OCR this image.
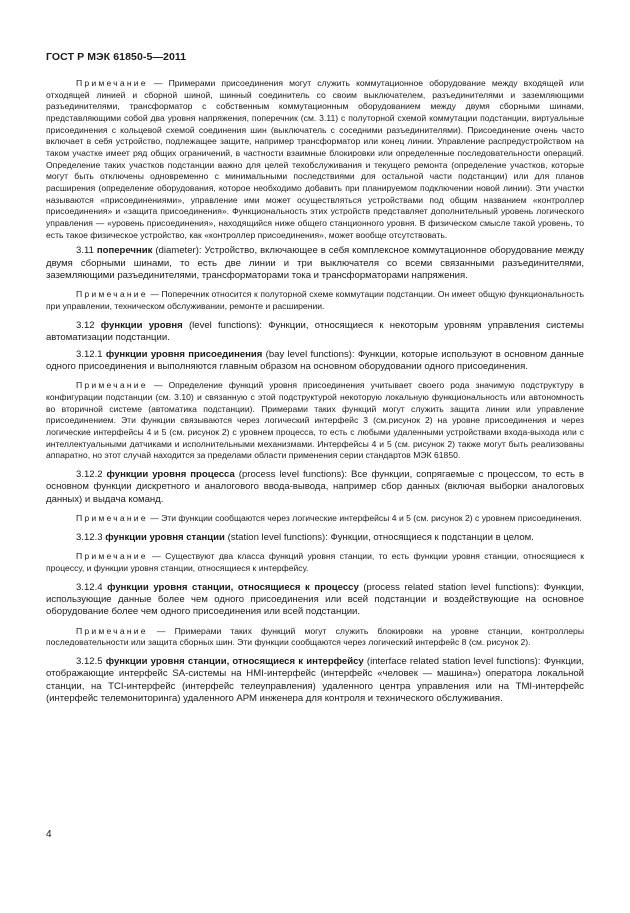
ГОСТ Р МЭК 61850-5—2011

Примечание — Примерами присоединения могут служить коммутационное оборудование между входящей или отходящей линией и сборной шиной, шинный соединитель со своим выключателем, разъединителями и заземляющими разъединителями, трансформатор с собственным коммутационным оборудованием между двумя сборными шинами, представляющими собой два уровня напряжения, поперечник (см. 3.11) с полуторной схемой коммутации подстанции, виртуальные присоединения с кольцевой схемой соединения шин (выключатель с соседними разъединителями). Присоединение очень часто включает в себя устройство, подлежащее защите, например трансформатор или конец линии. Управление распредустройством на таком участке имеет ряд общих ограничений, в частности взаимные блокировки или определенные последовательности операций. Определение таких участков подстанции важно для целей техобслуживания и текущего ремонта (определение участков, которые могут быть отключены одновременно с минимальными последствиями для остальной части подстанции) или для планов расширения (определение оборудования, которое необходимо добавить при планируемом подключении новой линии). Эти участки называются «присоединениями», управление ими может осуществляться устройствами под общим названием «контроллер присоединения» и «защита присоединения». Функциональность этих устройств представляет дополнительный уровень логического управления — «уровень присоединения», находящийся ниже общего станционного уровня. В физическом смысле такой уровень, то есть такое физическое устройство, как «контроллер присоединения», может вообще отсутствовать.

3.11 поперечник (diameter): Устройство, включающее в себя комплексное коммутационное оборудование между двумя сборными шинами, то есть две линии и три выключателя со всеми связанными разъединителями, заземляющими разъединителями, трансформаторами тока и трансформаторами напряжения.

Примечание — Поперечник относится к полуторной схеме коммутации подстанции. Он имеет общую функциональность при управлении, техническом обслуживании, ремонте и расширении.

3.12 функции уровня (level functions): Функции, относящиеся к некоторым уровням управления системы автоматизации подстанции.

3.12.1 функции уровня присоединения (bay level functions): Функции, которые используют в основном данные одного присоединения и выполняются главным образом на основном оборудовании одного присоединения.

Примечание — Определение функций уровня присоединения учитывает своего рода значимую подструктуру в конфигурации подстанции (см. 3.10) и связанную с этой подструктурой некоторую локальную функциональность или автономность во вторичной системе (автоматика подстанции). Примерами таких функций могут служить защита линии или управление присоединением. Эти функции связываются через логический интерфейс 3 (см.рисунок 2) на уровне присоединения и через логические интерфейсы 4 и 5 (см. рисунок 2) с уровнем процесса, то есть с любыми удаленными устройствами входа-выхода или с интеллектуальными датчиками и исполнительными механизмами. Интерфейсы 4 и 5 (см. рисунок 2) также могут быть реализованы аппаратно, но этот случай находится за пределами области применения серии стандартов МЭК 61850.

3.12.2 функции уровня процесса (process level functions): Все функции, сопрягаемые с процессом, то есть в основном функции дискретного и аналогового ввода-вывода, например сбор данных (включая выборки аналоговых данных) и выдача команд.

Примечание — Эти функции сообщаются через логические интерфейсы 4 и 5 (см. рисунок 2) с уровнем присоединения.

3.12.3 функции уровня станции (station level functions): Функции, относящиеся к подстанции в целом.

Примечание — Существуют два класса функций уровня станции, то есть функции уровня станции, относящиеся к процессу, и функции уровня станции, относящиеся к интерфейсу.

3.12.4 функции уровня станции, относящиеся к процессу (process related station level functions): Функции, использующие данные более чем одного присоединения или всей подстанции и воздействующие на основное оборудование более чем одного присоединения или всей подстанции.

Примечание — Примерами таких функций могут служить блокировки на уровне станции, контроллеры последовательности или защита сборных шин. Эти функции сообщаются через логический интерфейс 8 (см. рисунок 2).

3.12.5 функции уровня станции, относящиеся к интерфейсу (interface related station level functions): Функции, отображающие интерфейс SA-системы на HMI-интерфейс (интерфейс «человек — машина») оператора локальной станции, на TCI-интерфейс (интерфейс телеуправления) удаленного центра управления или на TMI-интерфейс (интерфейс телемониторинга) удаленного АРМ инженера для контроля и технического обслуживания.

4
